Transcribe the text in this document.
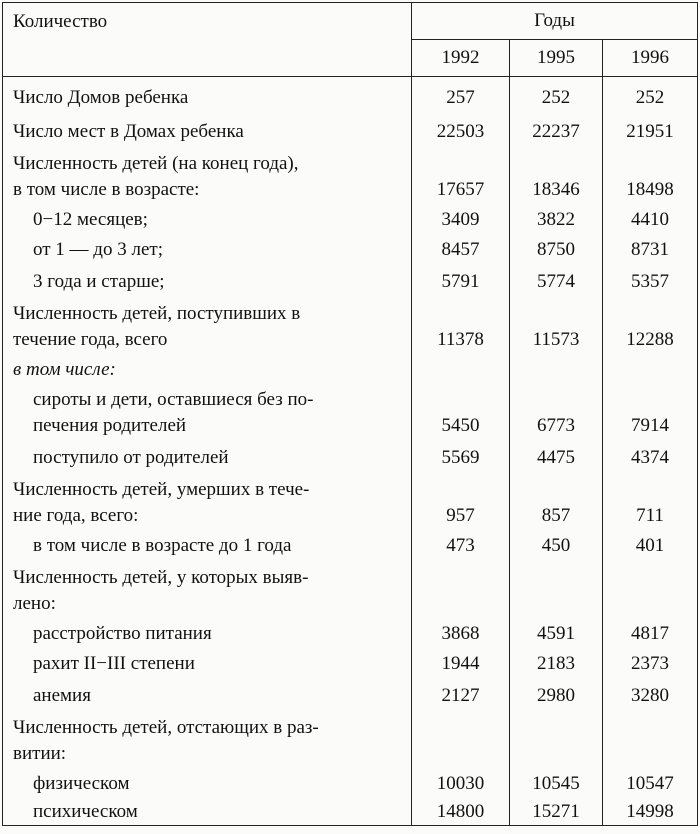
Количество	Годы		
	1992	1995	1996

Число Домов ребенка	257	252	252

Число мест в Домах ребенка	22503	22237	21951

Численность детей (на конец года),
в том числе в возрасте:	17657	18346	18498

0−12 месяцев;	3409	3822	4410

от 1 — до 3 лет;	8457	8750	8731

3 года и старше;	5791	5774	5357

Численность детей, поступивших в
течение года, всего	11378	11573	12288

в том числе:			

сироты и дети, оставшиеся без по-
печения родителей	5450	6773	7914

поступило от родителей	5569	4475	4374

Численность детей, умерших в тече-
ние года, всего:	957	857	711

в том числе в возрасте до 1 года	473	450	401

Численность детей, у которых выяв-
лено:			

расстройство питания	3868	4591	4817

рахит II−III степени	1944	2183	2373

анемия	2127	2980	3280

Численность детей, отстающих в раз-
витии:			

физическом	10030	10545	10547

психическом	14800	15271	14998
